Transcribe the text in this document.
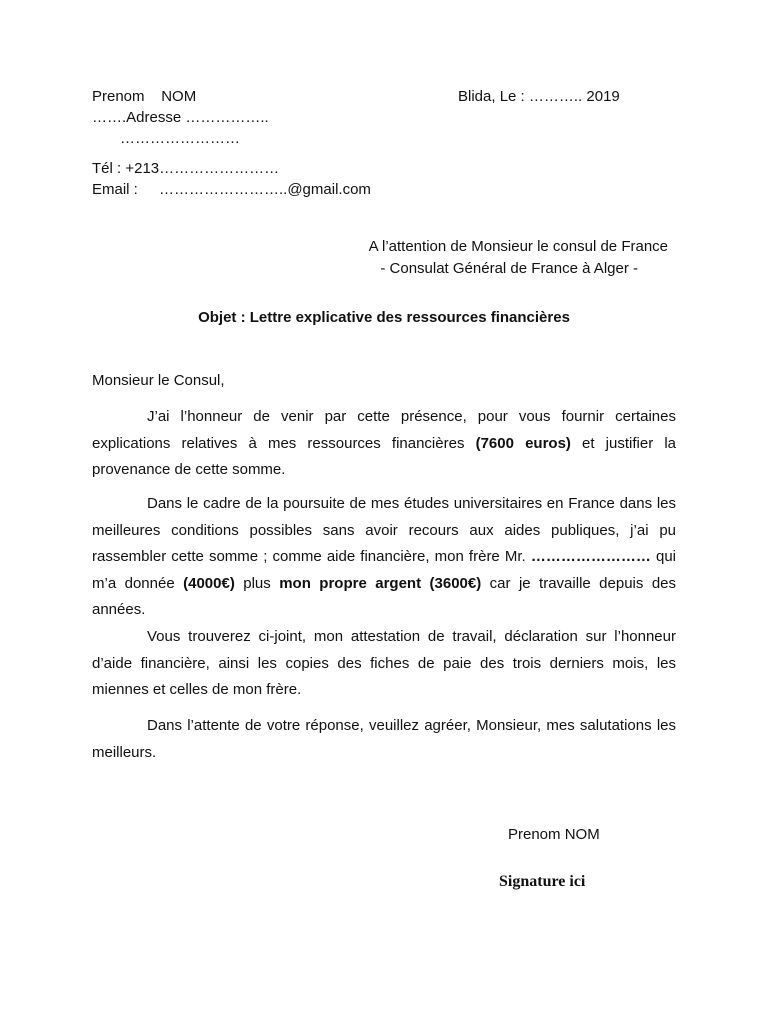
Prenom    NOM
…….Adresse ……………..
……………………
Tél : +213……………………
Email : ……………………..@gmail.com
Blida, Le : ……….. 2019
A l’attention de Monsieur le consul de France
- Consulat Général de France à Alger -
Objet : Lettre explicative des ressources financières
Monsieur le Consul,
J’ai l’honneur de venir par cette présence, pour vous fournir certaines explications relatives à mes ressources financières (7600 euros) et justifier la provenance de cette somme.
Dans le cadre de la poursuite de mes études universitaires en France dans les meilleures conditions possibles sans avoir recours aux aides publiques, j’ai pu rassembler cette somme ; comme aide financière, mon frère Mr. …………………… qui m’a donnée (4000€) plus mon propre argent (3600€) car je travaille depuis des années.
Vous trouverez ci-joint, mon attestation de travail, déclaration sur l’honneur d’aide financière, ainsi les copies des fiches de paie des trois derniers mois, les miennes et celles de mon frère.
Dans l’attente de votre réponse, veuillez agréer, Monsieur, mes salutations les meilleurs.
Prenom NOM
Signature ici
